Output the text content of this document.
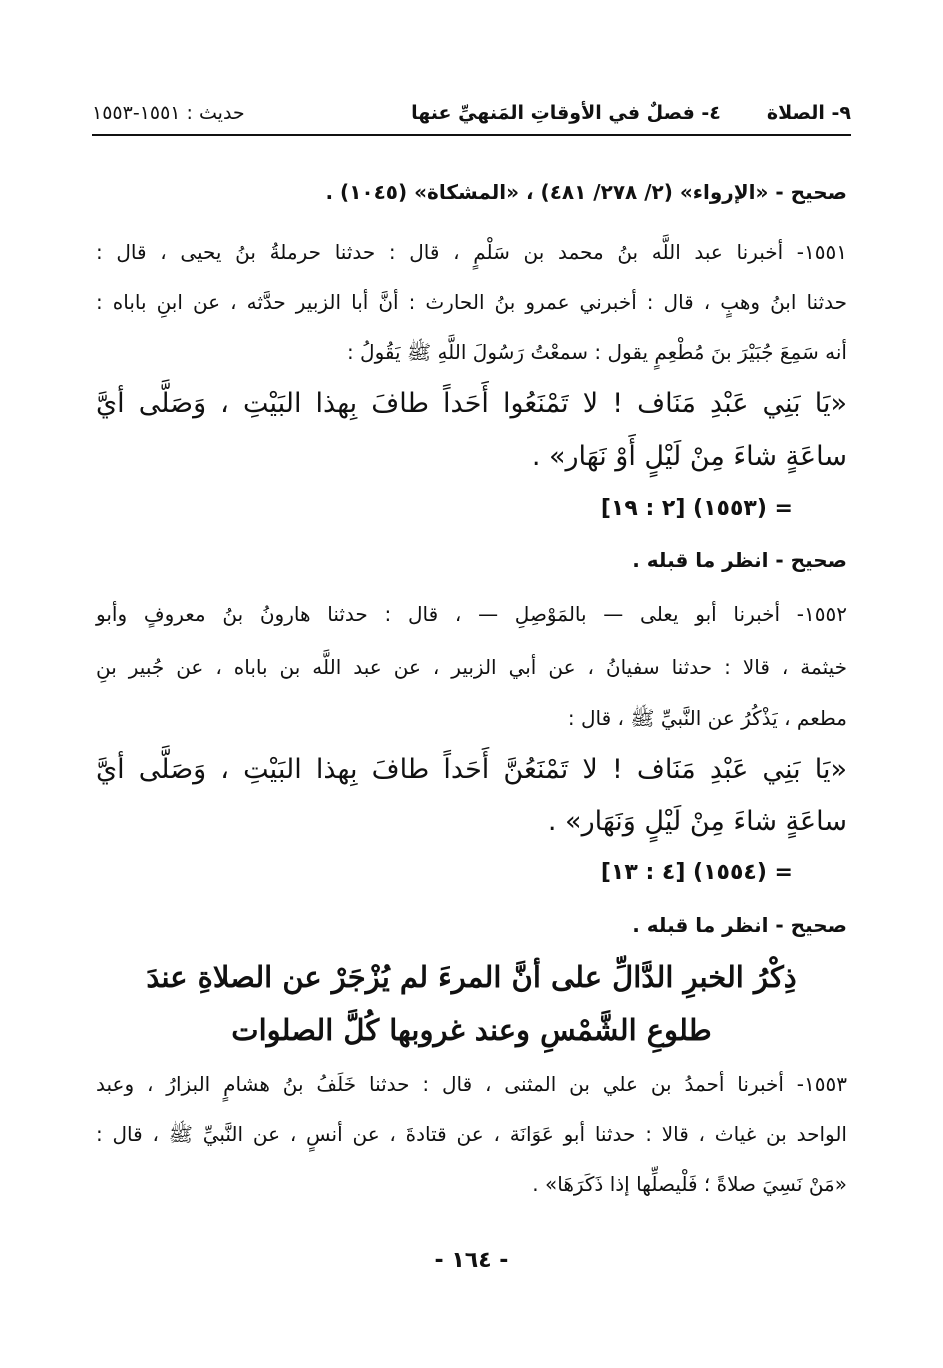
٩- الصلاة
٤- فصلٌ في الأوقاتِ المَنهيِّ عنها
حديث : ١٥٥١-١٥٥٣
صحيح - «الإرواء» (٢/ ٢٧٨/ ٤٨١) ، «المشكاة» (١٠٤٥) .
١٥٥١- أخبرنا عبد اللَّه بنُ محمد بن سَلْمٍ ، قال : حدثنا حرملةُ بنُ يحيى ، قال :
حدثنا ابنُ وهبٍ ، قال : أخبرني عمرو بنُ الحارث : أنَّ أبا الزبير حدَّثه ، عن ابنِ باباه :
أنه سَمِعَ جُبَيْرَ بنَ مُطْعِمٍ يقول : سمعْتُ رَسُولَ اللَّهِ ﷺ يَقُولُ :
«يَا بَنِي عَبْدِ مَنَاف ! لا تَمْنَعُوا أَحَداً طافَ بِهذا البَيْتِ ، وَصَلَّى أيَّ
ساعَةٍ شاءَ مِنْ لَيْلٍ أَوْ نَهَار» .
= (١٥٥٣) [٢ : ١٩]
صحيح - انظر ما قبله .
١٥٥٢- أخبرنا أبو يعلى — بالمَوْصِلِ — ، قال : حدثنا هارونُ بنُ معروفٍ وأبو
خيثمة ، قالا : حدثنا سفيانُ ، عن أبي الزبير ، عن عبد اللَّه بن باباه ، عن جُبير بنِ
مطعم ، يَذْكُرُ عن النَّبيِّ ﷺ ، قال :
«يَا بَنِي عَبْدِ مَنَاف ! لا تَمْنَعُنَّ أَحَداً طافَ بِهذا البَيْتِ ، وَصَلَّى أيَّ
ساعَةٍ شاءَ مِنْ لَيْلٍ وَنَهَار» .
= (١٥٥٤) [٤ : ١٣]
صحيح - انظر ما قبله .
ذِكْرُ الخبرِ الدَّالِّ على أنَّ المرءَ لم يُزْجَرْ عن الصلاةِ عندَ
طلوعِ الشَّمْسِ وعند غروبها كُلَّ الصلوات
١٥٥٣- أخبرنا أحمدُ بن علي بن المثنى ، قال : حدثنا خَلَفُ بنُ هشامٍ البزارُ ، وعبد
الواحد بن غياث ، قالا : حدثنا أبو عَوَانَة ، عن قتادةَ ، عن أنسٍ ، عن النَّبيِّ ﷺ ، قال :
«مَنْ نَسِيَ صلاةً ؛ فَلْيصلِّها إذا ذَكَرَهَا» .
- ١٦٤ -
